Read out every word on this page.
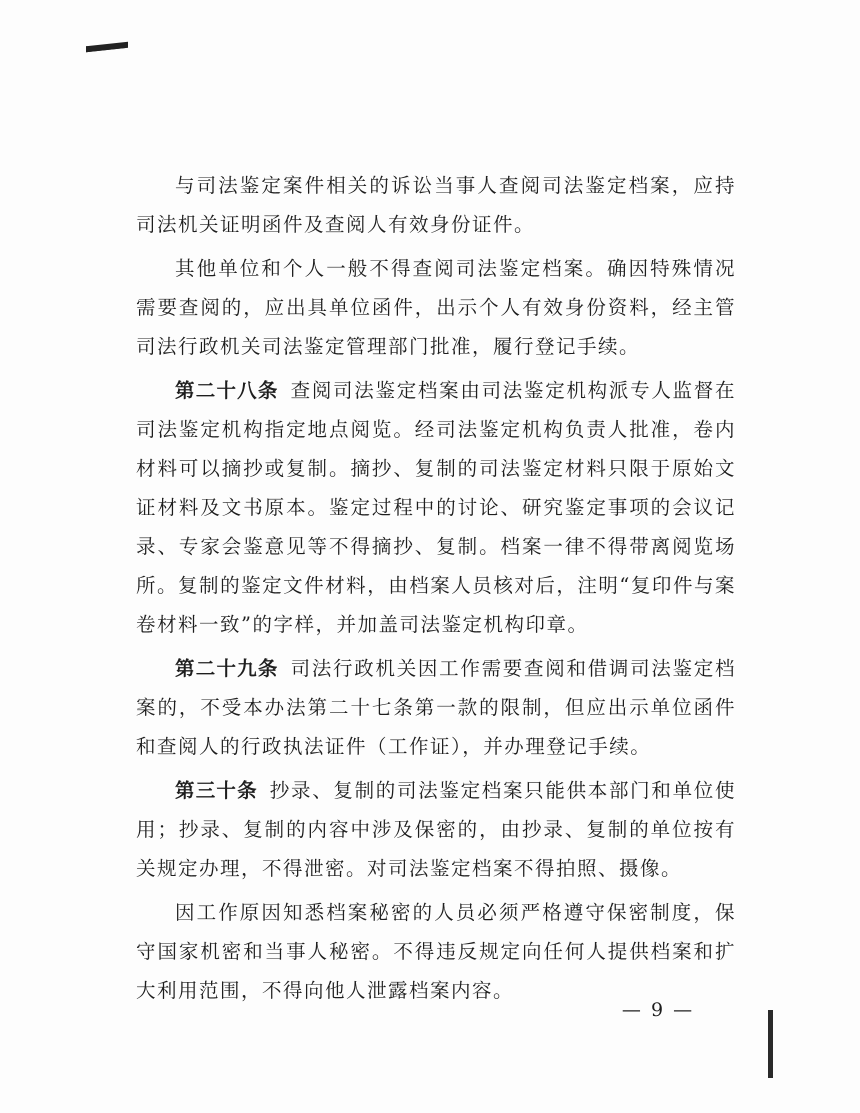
与司法鉴定案件相关的诉讼当事人查阅司法鉴定档案，应持司法机关证明函件及查阅人有效身份证件。

其他单位和个人一般不得查阅司法鉴定档案。确因特殊情况需要查阅的，应出具单位函件，出示个人有效身份资料，经主管司法行政机关司法鉴定管理部门批准，履行登记手续。

第二十八条 查阅司法鉴定档案由司法鉴定机构派专人监督在司法鉴定机构指定地点阅览。经司法鉴定机构负责人批准，卷内材料可以摘抄或复制。摘抄、复制的司法鉴定材料只限于原始文证材料及文书原本。鉴定过程中的讨论、研究鉴定事项的会议记录、专家会鉴意见等不得摘抄、复制。档案一律不得带离阅览场所。复制的鉴定文件材料，由档案人员核对后，注明“复印件与案卷材料一致”的字样，并加盖司法鉴定机构印章。

第二十九条 司法行政机关因工作需要查阅和借调司法鉴定档案的，不受本办法第二十七条第一款的限制，但应出示单位函件和查阅人的行政执法证件（工作证），并办理登记手续。

第三十条 抄录、复制的司法鉴定档案只能供本部门和单位使用；抄录、复制的内容中涉及保密的，由抄录、复制的单位按有关规定办理，不得泄密。对司法鉴定档案不得拍照、摄像。

因工作原因知悉档案秘密的人员必须严格遵守保密制度，保守国家机密和当事人秘密。不得违反规定向任何人提供档案和扩大利用范围，不得向他人泄露档案内容。

— 9 —
